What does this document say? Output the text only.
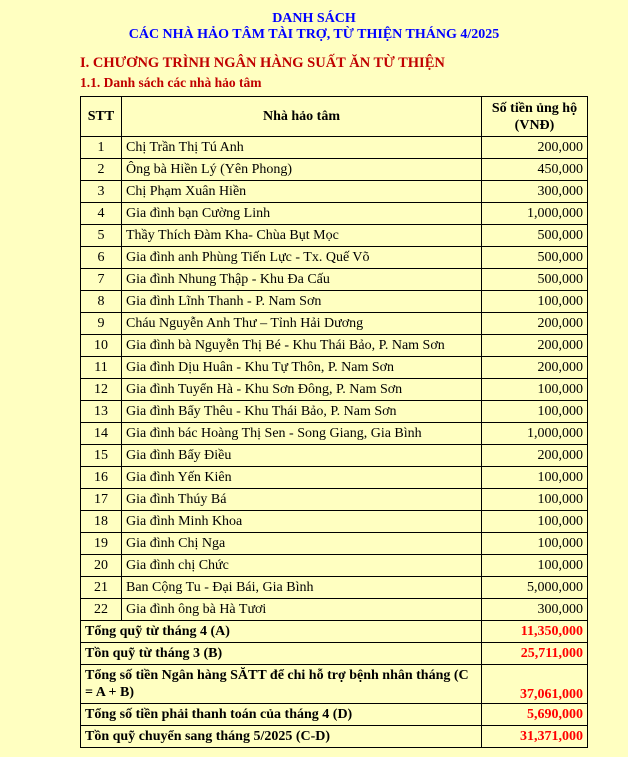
DANH SÁCH
CÁC NHÀ HẢO TÂM TÀI TRỢ, TỪ THIỆN THÁNG 4/2025
I. CHƯƠNG TRÌNH NGÂN HÀNG SUẤT ĂN TỪ THIỆN
1.1. Danh sách các nhà hảo tâm
STT	Nhà hảo tâm	Số tiền ủng hộ
(VNĐ)
1	Chị Trần Thị Tú Anh	200,000
2	Ông bà Hiền Lý (Yên Phong)	450,000
3	Chị Phạm Xuân Hiền	300,000
4	Gia đình bạn Cường Linh	1,000,000
5	Thầy Thích Đàm Kha- Chùa Bụt Mọc	500,000
6	Gia đình anh Phùng Tiến Lực - Tx. Quế Võ	500,000
7	Gia đình Nhung Thập - Khu Đa Cấu	500,000
8	Gia đình Lĩnh Thanh - P. Nam Sơn	100,000
9	Cháu Nguyễn Anh Thư – Tỉnh Hải Dương	200,000
10	Gia đình bà Nguyễn Thị Bé - Khu Thái Bảo, P. Nam Sơn	200,000
11	Gia đình Dịu Huân - Khu Tự Thôn, P. Nam Sơn	200,000
12	Gia đình Tuyển Hà - Khu Sơn Đông, P. Nam Sơn	100,000
13	Gia đình Bẩy Thêu - Khu Thái Bảo, P. Nam Sơn	100,000
14	Gia đình bác Hoàng Thị Sen - Song Giang, Gia Bình	1,000,000
15	Gia đình Bẩy Điều	200,000
16	Gia đình Yến Kiên	100,000
17	Gia đình Thúy Bá	100,000
18	Gia đình Minh Khoa	100,000
19	Gia đình Chị Nga	100,000
20	Gia đình chị Chức	100,000
21	Ban Cộng Tu - Đại Bái, Gia Bình	5,000,000
22	Gia đình ông bà Hà Tươi	300,000
Tổng quỹ từ tháng 4 (A)		11,350,000
Tồn quỹ từ tháng 3 (B)		25,711,000
Tổng số tiền Ngân hàng SĂTT để chi hỗ trợ bệnh nhân tháng (C = A + B)		37,061,000
Tổng số tiền phải thanh toán của tháng 4 (D)		5,690,000
Tồn quỹ chuyển sang tháng 5/2025 (C-D)		31,371,000
